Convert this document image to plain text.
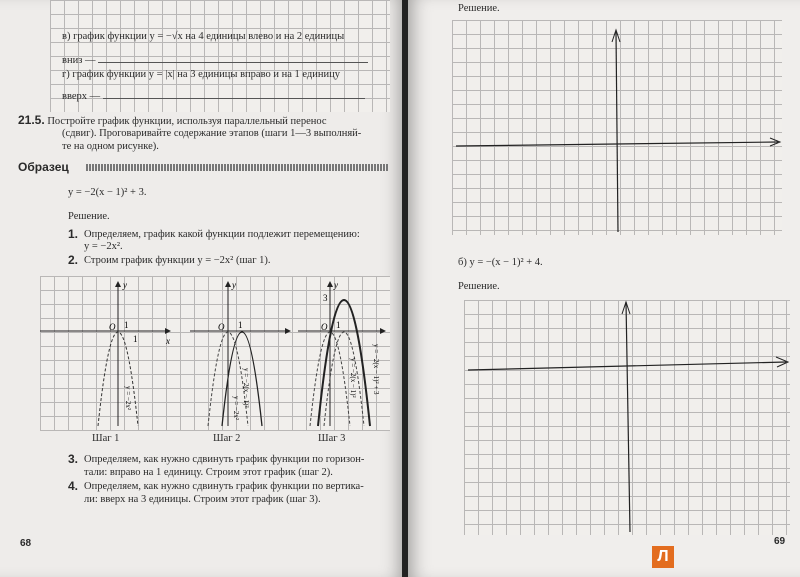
в) график функции y = −√x на 4 единицы влево и на 2 единицы
вниз —
г) график функции y = |x| на 3 единицы вправо и на 1 единицу
вверх —
21.5. Постройте график функции, используя параллельный перенос
(сдвиг). Проговаривайте содержание этапов (шаги 1—3 выполняй-
те на одном рисунке).
Образец
y = −2(x − 1)² + 3.
Решение.
1. Определяем, график какой функции подлежит перемещению:
y = −2x².
2. Строим график функции y = −2x² (шаг 1).
O 1
1
y
x
y = −2x²
O 1
y
y = −2(x − 1)²
y = −2x²
O 1
3
y
y = −2(x − 1)² + 3
y = −2(x − 1)²
Шаг 1	Шаг 2	Шаг 3
3. Определяем, как нужно сдвинуть график функции по горизон-
тали: вправо на 1 единицу. Строим этот график (шаг 2).
4. Определяем, как нужно сдвинуть график функции по вертика-
ли: вверх на 3 единицы. Строим этот график (шаг 3).
68
Решение.
б) y = −(x − 1)² + 4.
Решение.
69
Л
